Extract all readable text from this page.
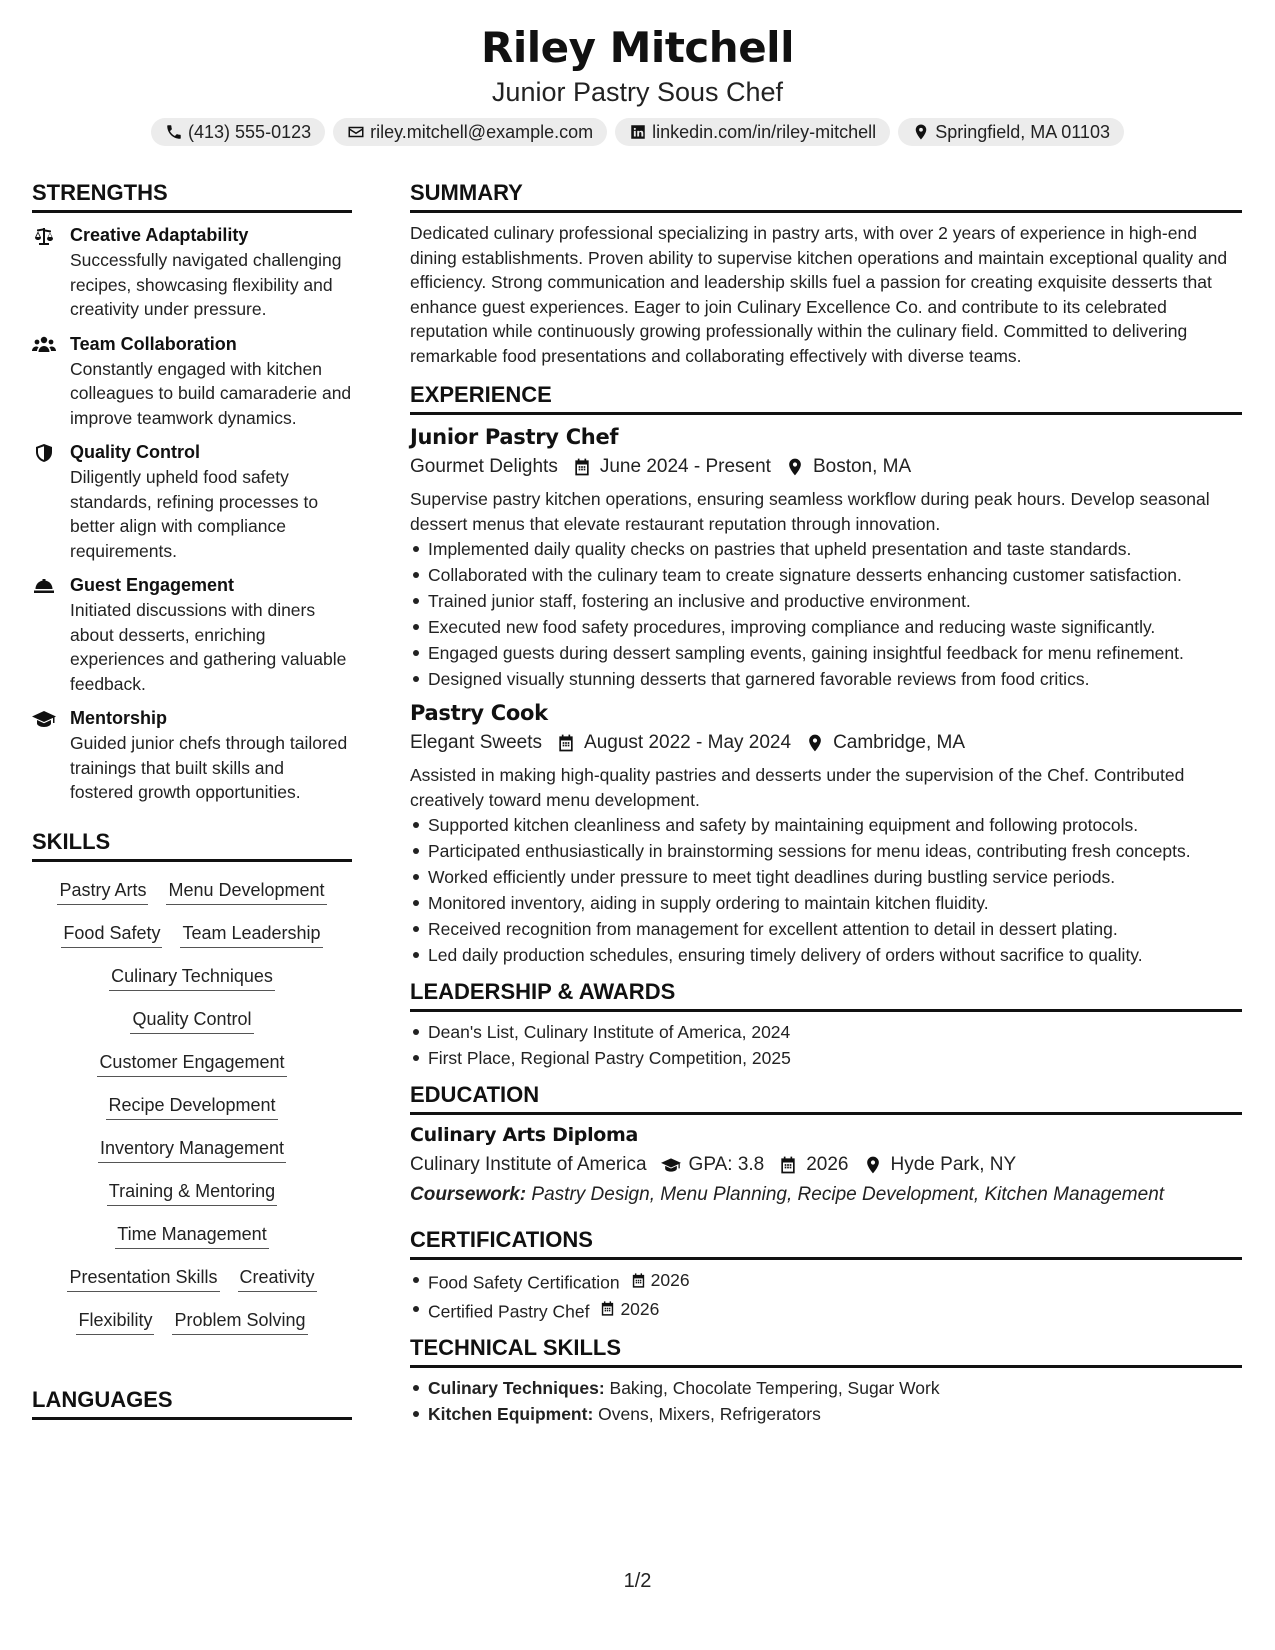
Riley Mitchell
Junior Pastry Sous Chef
(413) 555-0123	riley.mitchell@example.com	linkedin.com/in/riley-mitchell	Springfield, MA 01103
STRENGTHS
Creative Adaptability
Successfully navigated challenging recipes, showcasing flexibility and creativity under pressure.
Team Collaboration
Constantly engaged with kitchen colleagues to build camaraderie and improve teamwork dynamics.
Quality Control
Diligently upheld food safety standards, refining processes to better align with compliance requirements.
Guest Engagement
Initiated discussions with diners about desserts, enriching experiences and gathering valuable feedback.
Mentorship
Guided junior chefs through tailored trainings that built skills and fostered growth opportunities.
SKILLS
Pastry Arts Menu Development
Food Safety Team Leadership
Culinary Techniques
Quality Control
Customer Engagement
Recipe Development
Inventory Management
Training & Mentoring
Time Management
Presentation Skills Creativity
Flexibility Problem Solving
LANGUAGES
SUMMARY
Dedicated culinary professional specializing in pastry arts, with over 2 years of experience in high-end dining establishments. Proven ability to supervise kitchen operations and maintain exceptional quality and efficiency. Strong communication and leadership skills fuel a passion for creating exquisite desserts that enhance guest experiences. Eager to join Culinary Excellence Co. and contribute to its celebrated reputation while continuously growing professionally within the culinary field. Committed to delivering remarkable food presentations and collaborating effectively with diverse teams.
EXPERIENCE
Junior Pastry Chef
Gourmet Delights June 2024 - Present Boston, MA
Supervise pastry kitchen operations, ensuring seamless workflow during peak hours. Develop seasonal dessert menus that elevate restaurant reputation through innovation.
Implemented daily quality checks on pastries that upheld presentation and taste standards.
Collaborated with the culinary team to create signature desserts enhancing customer satisfaction.
Trained junior staff, fostering an inclusive and productive environment.
Executed new food safety procedures, improving compliance and reducing waste significantly.
Engaged guests during dessert sampling events, gaining insightful feedback for menu refinement.
Designed visually stunning desserts that garnered favorable reviews from food critics.
Pastry Cook
Elegant Sweets August 2022 - May 2024 Cambridge, MA
Assisted in making high-quality pastries and desserts under the supervision of the Chef. Contributed creatively toward menu development.
Supported kitchen cleanliness and safety by maintaining equipment and following protocols.
Participated enthusiastically in brainstorming sessions for menu ideas, contributing fresh concepts.
Worked efficiently under pressure to meet tight deadlines during bustling service periods.
Monitored inventory, aiding in supply ordering to maintain kitchen fluidity.
Received recognition from management for excellent attention to detail in dessert plating.
Led daily production schedules, ensuring timely delivery of orders without sacrifice to quality.
LEADERSHIP & AWARDS
Dean's List, Culinary Institute of America, 2024
First Place, Regional Pastry Competition, 2025
EDUCATION
Culinary Arts Diploma
Culinary Institute of America GPA: 3.8 2026 Hyde Park, NY
Coursework: Pastry Design, Menu Planning, Recipe Development, Kitchen Management
CERTIFICATIONS
Food Safety Certification 2026
Certified Pastry Chef 2026
TECHNICAL SKILLS
Culinary Techniques: Baking, Chocolate Tempering, Sugar Work
Kitchen Equipment: Ovens, Mixers, Refrigerators
1/2
